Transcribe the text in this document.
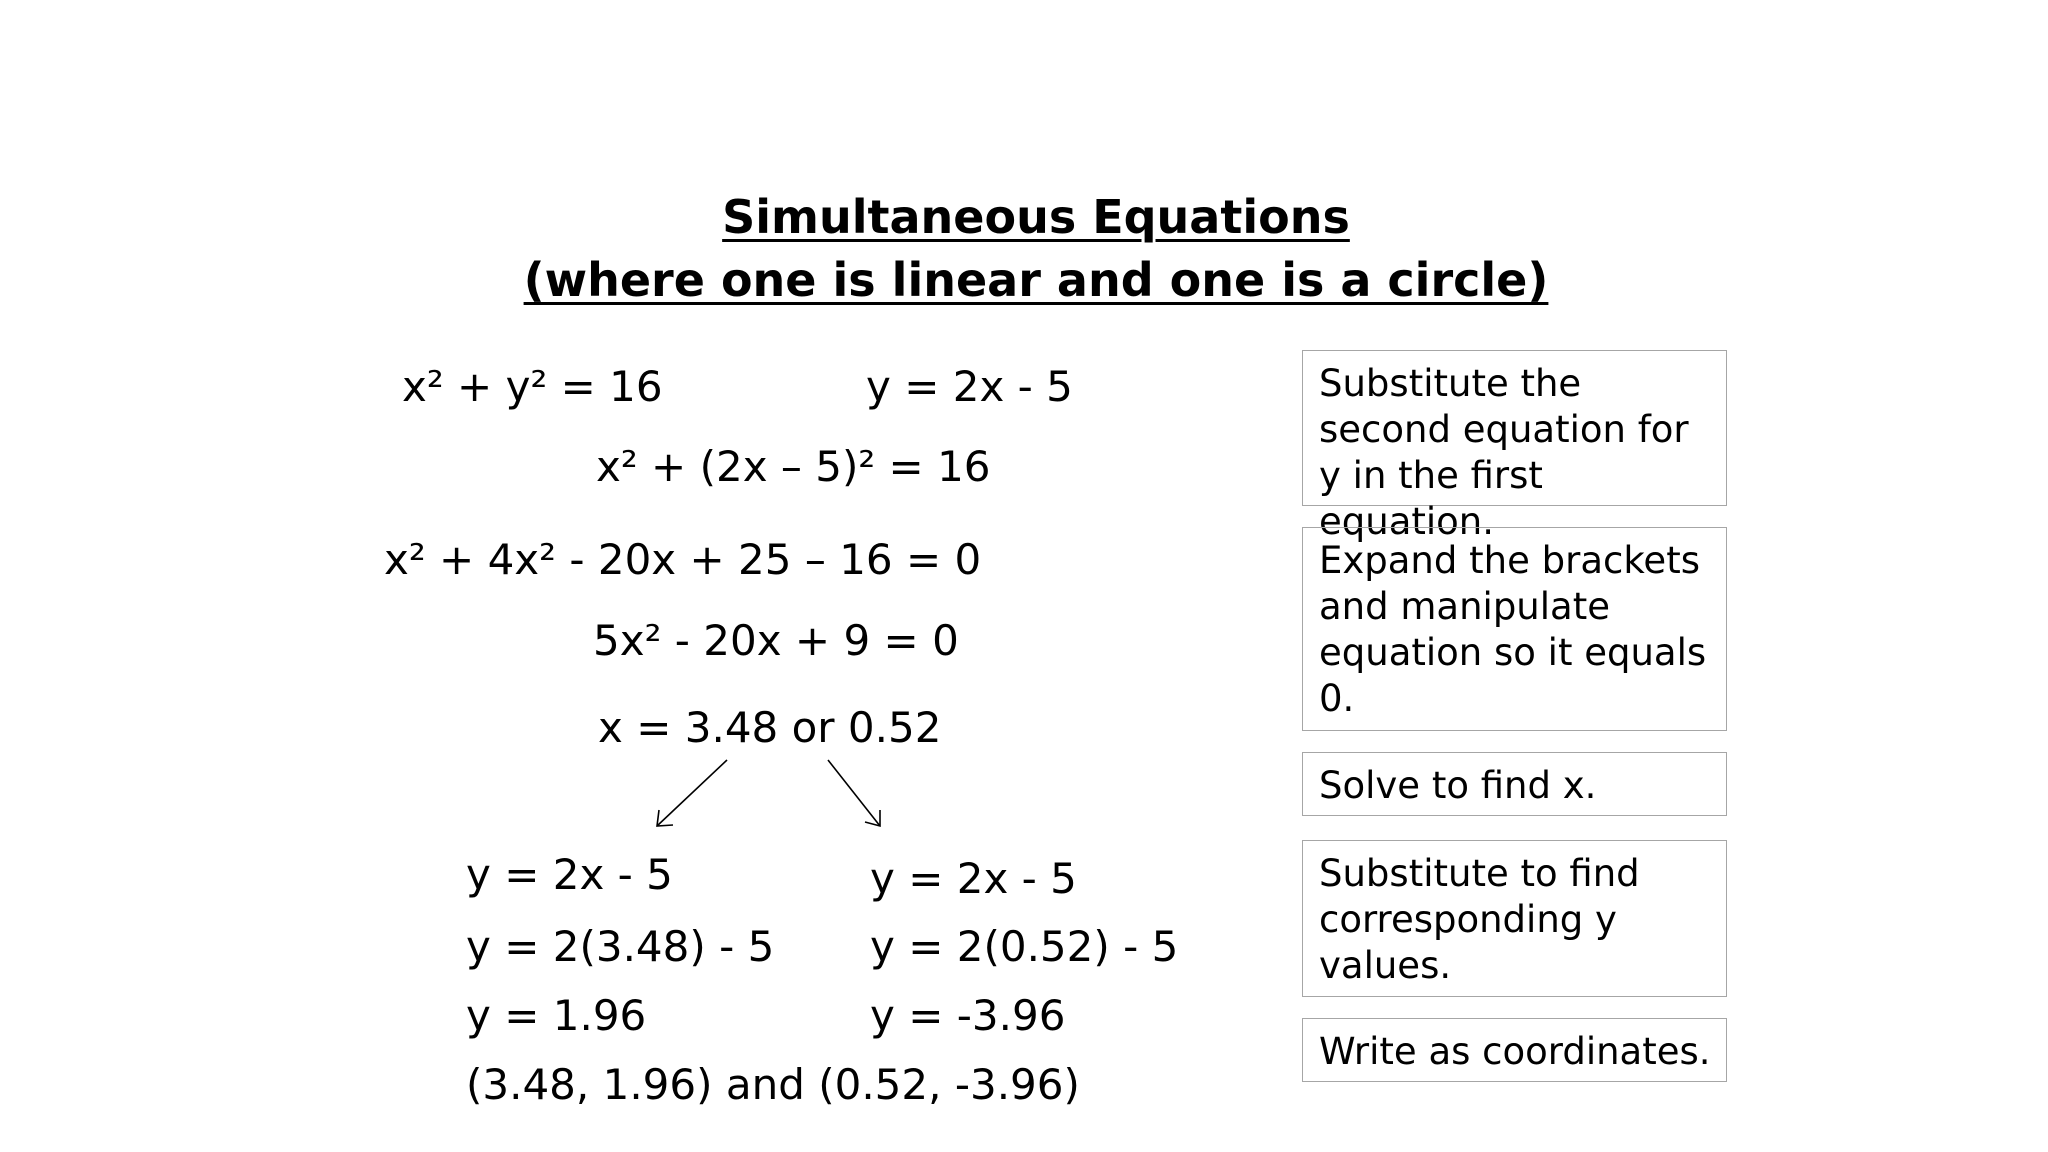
Simultaneous Equations
(where one is linear and one is a circle)
x² + y² = 16	y = 2x - 5
x² + (2x – 5)² = 16
x² + 4x² - 20x + 25 – 16 = 0
5x² - 20x + 9 = 0
x = 3.48 or 0.52
y = 2x - 5
y = 2(3.48) - 5
y = 1.96
y = 2x - 5
y = 2(0.52) - 5
y = -3.96
(3.48, 1.96) and (0.52, -3.96)
Substitute the second equation for y in the first equation.
Expand the brackets and manipulate equation so it equals 0.
Solve to find x.
Substitute to find corresponding y values.
Write as coordinates.
